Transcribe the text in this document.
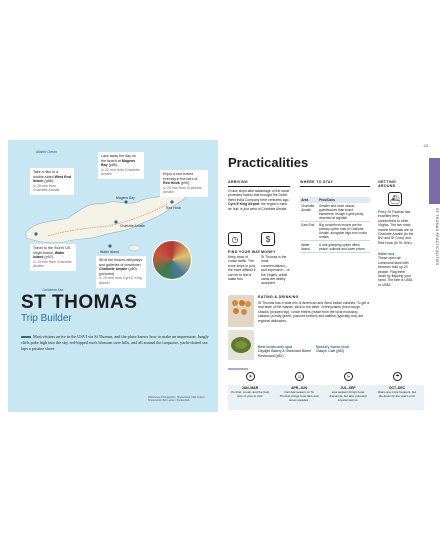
Atlantic Ocean
Caribbean Sea
Charlotte Amalie
Magens Bay
Red Hook
Water Island
Take a hike to a double-sided West End beach (p88).
⊙ 25 min from Charlotte Amalie
Laze away the day on the beach at Magens Bay (p86).
⊙ 20 min from Charlotte Amalie	Enjoy a rum-fueled evening in the bars of Red Hook (p90).
⊙ 25 min from Charlotte Amalie
Travel to the 'fourth' US Virgin Island, Water Island (p92).
⊙ 15 min from Charlotte Amalie
Stroll the historic alleyways and galleries of downtown Charlotte Amalie (p80) (pictured).
⊙ 20 min from Cyril E King Airport
ST THOMAS
Trip Builder
Most visitors arrive in the USVI via St Thomas, and the place knows how to make an impression. Jungly cliffs poke high into the sky, red-hipped roofs blossom over hills, and all around the turquoise, yacht-dotted sea laps a pristine shore.
Whitehouse Photography / Shutterstock; Matt Cohen / Shutterstock; Bob Levine / Shutterstock
43
ST THOMAS PRACTICALITIES
Practicalities
ARRIVING
Cruise ships take advantage of the same protected harbor that brought the Dutch West India Company here centuries ago. Cyril E King Airport, the region's main air hub, is just west of Charlotte Amalie.
◷
FIND YOUR WAY
Keep track of cruise traffic. The more ships in port, the more difficult it can be to find a safari bus.
$
MONEY
St Thomas is the most commercialized – and expensive – of the Virgins; credit cards are widely accepted.
WHERE TO STAY
Area	Pros/Cons
Charlotte Amalie	Smaller and more casual guesthouses than found elsewhere, though it gets pretty deserted at nightfall.
East End	Big, beachfront resorts are the primary option east of Charlotte Amalie, alongside high-end condo rentals.
Water Island	A rare glamping option offers peace, solitude and lower prices.
GETTING AROUND
⛴
Ferry St Thomas has excellent ferry connections to other Virgins. The two main marine terminals are at Charlotte Amalie (to the BVI and St Croix) and Red Hook (to St John).
Safari bus
These open-air communal taxis with benches hold up 20 people. Flag them down by flapping your hand. The fare is US$1 or US$2.
EATING & DRINKING
St Thomas has a wide mix of American and West Indian cuisines. To get a real taste of the islands, stick to the latter. Johnnycakes (fried dough snacks; pictured top), conch fritters (made from the local mollusks), callaloo (a leafy green; pictured bottom) and saltfish (typically cod) are regional delicacies.
Best locals-only spot
Daylight Bakery & Starboard Barrel Restaurant (p82)
Must-try fusion food
Gladys' Cafe (p82)
☀	☺	ϟ	☂
JAN–MAR
It's drier, cooler, and the best time of year to visit.
APR–JUN
Carnival season on St Thomas brings food fairs and street parades.
JUL–SEP
Low season brings hotel discounts, but also potential tropical storms.
OCT–DEC
Rains are more frequent, but die down by the year's end.
